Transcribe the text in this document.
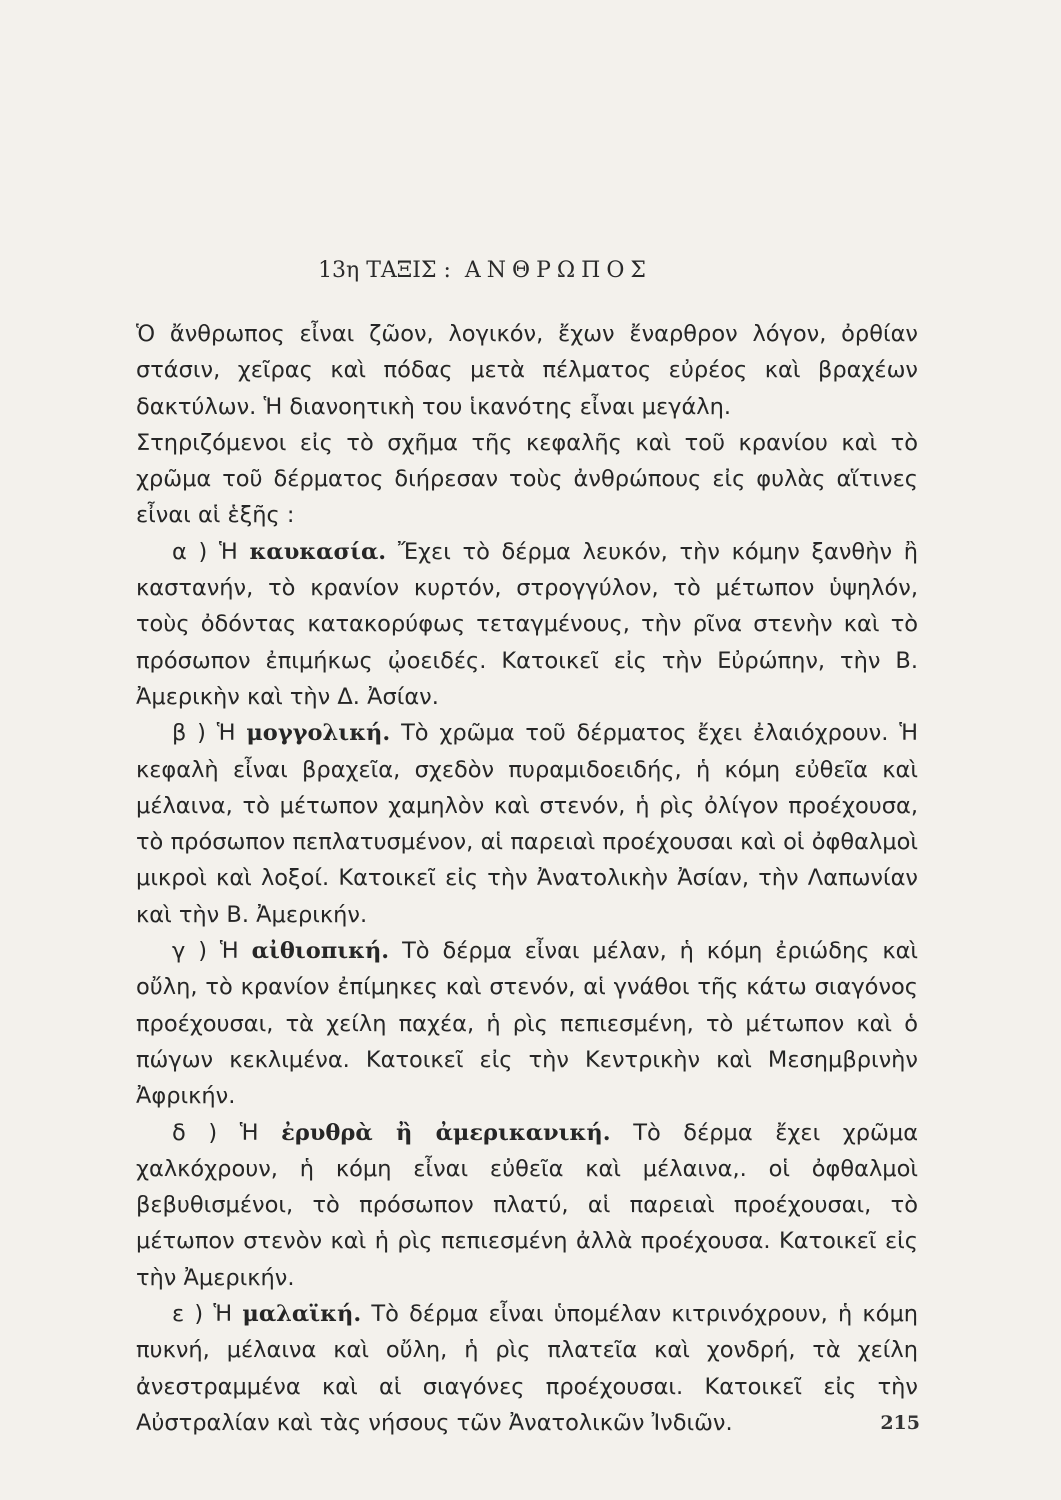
13η ΤΑΞΙΣ : ΑΝΘΡΩΠΟΣ

Ὁ ἄνθρωπος εἶναι ζῶον, λογικόν, ἔχων ἔναρθρον λόγον, ὀρθίαν στάσιν, χεῖρας καὶ πόδας μετὰ πέλματος εὐρέος καὶ βραχέων δακτύλων. Ἡ διανοητικὴ του ἱκανότης εἶναι μεγάλη.

Στηριζόμενοι εἰς τὸ σχῆμα τῆς κεφαλῆς καὶ τοῦ κρανίου καὶ τὸ χρῶμα τοῦ δέρματος διήρεσαν τοὺς ἀνθρώπους εἰς φυλὰς αἵτινες εἶναι αἱ ἑξῆς :

α ) Ἡ καυκασία. Ἔχει τὸ δέρμα λευκόν, τὴν κόμην ξανθὴν ἢ καστανήν, τὸ κρανίον κυρτόν, στρογγύλον, τὸ μέτωπον ὑψηλόν, τοὺς ὀδόντας κατακορύφως τεταγμένους, τὴν ρῖνα στενὴν καὶ τὸ πρόσωπον ἐπιμήκως ᾠοειδές. Κατοικεῖ εἰς τὴν Εὐρώπην, τὴν Β. Ἀμερικὴν καὶ τὴν Δ. Ἀσίαν.

β ) Ἡ μογγολική. Τὸ χρῶμα τοῦ δέρματος ἔχει ἐλαιόχρουν. Ἡ κεφαλὴ εἶναι βραχεῖα, σχεδὸν πυραμιδοειδής, ἡ κόμη εὐθεῖα καὶ μέλαινα, τὸ μέτωπον χαμηλὸν καὶ στενόν, ἡ ρὶς ὀλίγον προέχουσα, τὸ πρόσωπον πεπλατυσμένον, αἱ παρειαὶ προέχουσαι καὶ οἱ ὀφθαλμοὶ μικροὶ καὶ λοξοί. Κατοικεῖ εἰς τὴν Ἀνατολικὴν Ἀσίαν, τὴν Λαπωνίαν καὶ τὴν Β. Ἀμερικήν.

γ ) Ἡ αἰθιοπική. Τὸ δέρμα εἶναι μέλαν, ἡ κόμη ἐριώδης καὶ οὔλη, τὸ κρανίον ἐπίμηκες καὶ στενόν, αἱ γνάθοι τῆς κάτω σιαγόνος προέχουσαι, τὰ χείλη παχέα, ἡ ρὶς πεπιεσμένη, τὸ μέτωπον καὶ ὁ πώγων κεκλιμένα. Κατοικεῖ εἰς τὴν Κεντρικὴν καὶ Μεσημβρινὴν Ἀφρικήν.

δ ) Ἡ ἐρυθρὰ ἢ ἀμερικανική. Τὸ δέρμα ἔχει χρῶμα χαλκόχρουν, ἡ κόμη εἶναι εὐθεῖα καὶ μέλαινα,. οἱ ὀφθαλμοὶ βεβυθισμένοι, τὸ πρόσωπον πλατύ, αἱ παρειαὶ προέχουσαι, τὸ μέτωπον στενὸν καὶ ἡ ρὶς πεπιεσμένη ἀλλὰ προέχουσα. Κατοικεῖ εἰς τὴν Ἀμερικήν.

ε ) Ἡ μαλαϊκή. Τὸ δέρμα εἶναι ὑπομέλαν κιτρινόχρουν, ἡ κόμη πυκνή, μέλαινα καὶ οὔλη, ἡ ρὶς πλατεῖα καὶ χονδρή, τὰ χείλη ἀνεστραμμένα καὶ αἱ σιαγόνες προέχουσαι. Κατοικεῖ εἰς τὴν Αὐστραλίαν καὶ τὰς νήσους τῶν Ἀνατολικῶν Ἰνδιῶν.	215
